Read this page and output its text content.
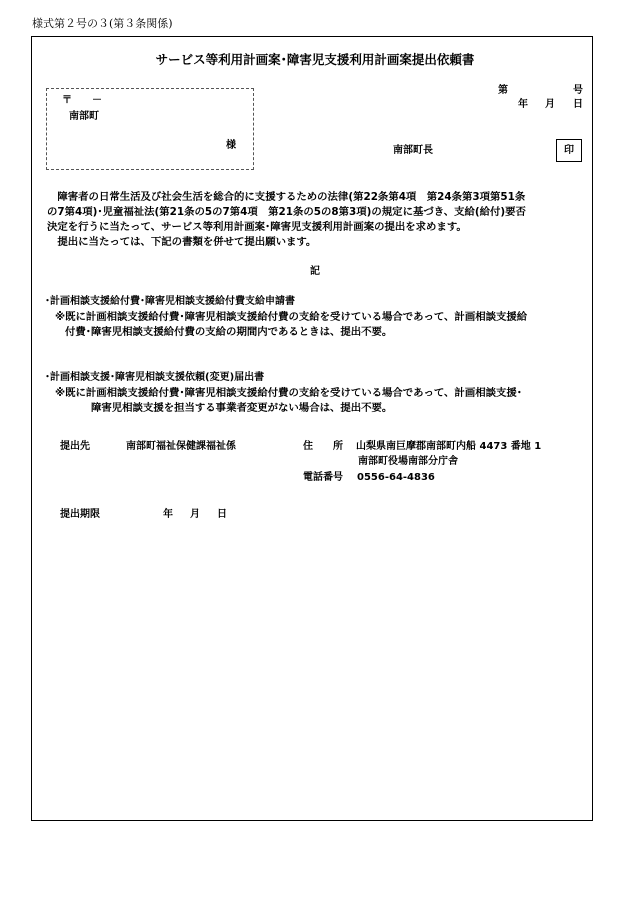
様式第２号の３(第３条関係)
サービス等利用計画案･障害児支援利用計画案提出依頼書
第	号
年 月 日
〒　　－
南部町
様	南部町長	印
　障害者の日常生活及び社会生活を総合的に支援するための法律(第22条第4項　第24条第3項第51条
の7第4項)･児童福祉法(第21条の5の7第4項　第21条の5の8第3項)の規定に基づき、支給(給付)要否
決定を行うに当たって、サービス等利用計画案･障害児支援利用計画案の提出を求めます。
　提出に当たっては、下記の書類を併せて提出願います。
記
･計画相談支援給付費･障害児相談支援給付費支給申請書
※既に計画相談支援給付費･障害児相談支援給付費の支給を受けている場合であって、計画相談支援給
付費･障害児相談支援給付費の支給の期間内であるときは、提出不要。
･計画相談支援･障害児相談支援依頼(変更)届出書
※既に計画相談支援給付費･障害児相談支援給付費の支給を受けている場合であって、計画相談支援･
障害児相談支援を担当する事業者変更がない場合は、提出不要。
提出先	南部町福祉保健課福祉係	住　　所 山梨県南巨摩郡南部町内船 4473 番地 1
南部町役場南部分庁舎
電話番号 0556-64-4836
提出期限	年 月 日
